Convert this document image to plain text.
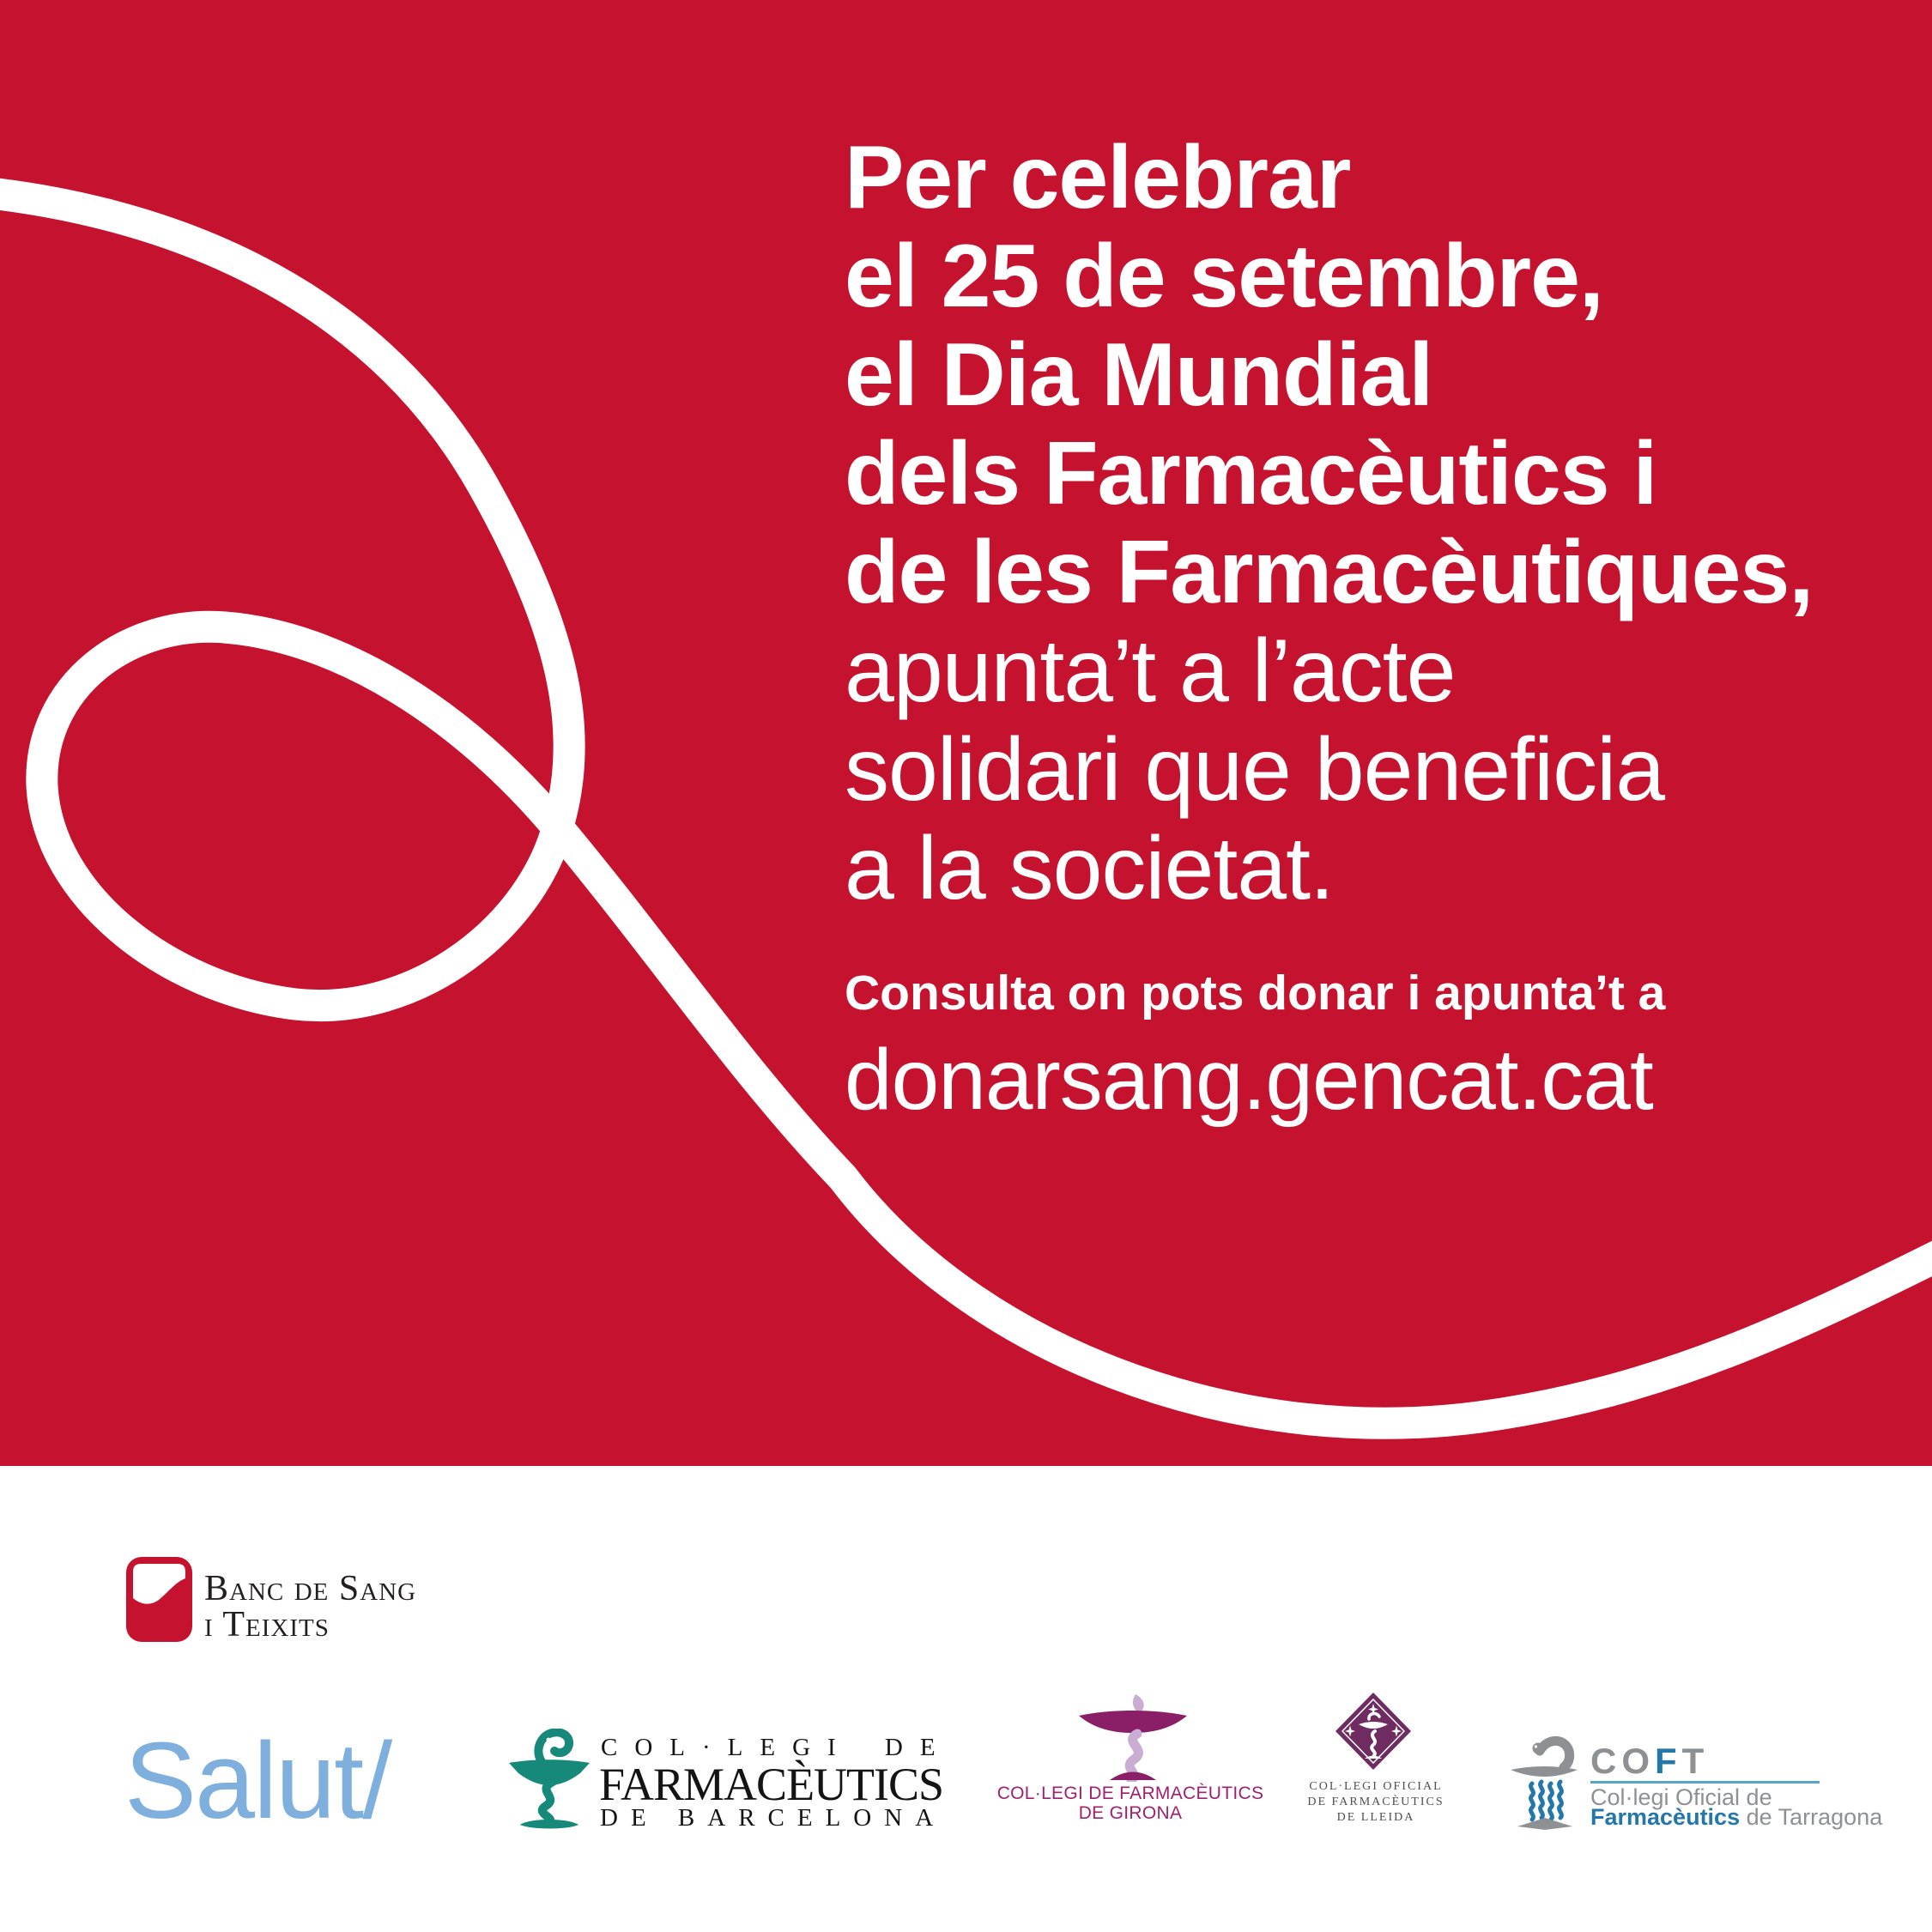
Per celebrar
el 25 de setembre,
el Dia Mundial
dels Farmacèutics i
de les Farmacèutiques,
apunta’t a l’acte
solidari que beneficia
a la societat.
Consulta on pots donar i apunta’t a
donarsang.gencat.cat
Banc de Sang
i Teixits
Salut/	COL·LEGI DE
FARMACÈUTICS
DE BARCELONA
COL·LEGI DE FARMACÈUTICS
DE GIRONA
COL·LEGI OFICIAL
DE FARMACÈUTICS
DE LLEIDA
COFT
Col·legi Oficial de
Farmacèutics de Tarragona
